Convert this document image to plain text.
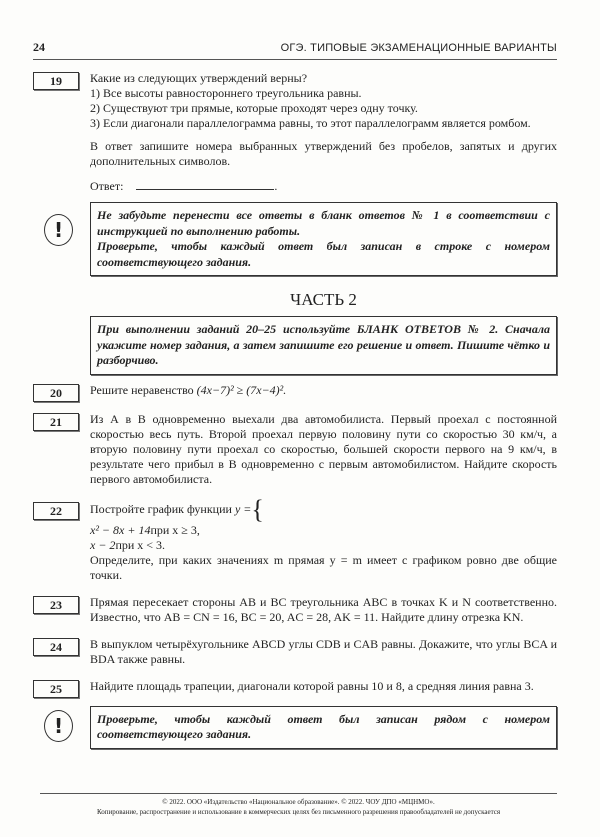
24	ОГЭ. ТИПОВЫЕ ЭКЗАМЕНАЦИОННЫЕ ВАРИАНТЫ
19	Какие из следующих утверждений верны?

1) Все высоты равностороннего треугольника равны.

2) Существуют три прямые, которые проходят через одну точку.

3) Если диагонали параллелограмма равны, то этот параллелограмм является ромбом.

В ответ запишите номера выбранных утверждений без пробелов, запятых и других дополнительных символов.

Ответ:	.

!
Не забудьте перенести все ответы в бланк ответов № 1 в соответствии с инструкцией по выполнению работы.
Проверьте, чтобы каждый ответ был записан в строке с номером соответствующего задания.
ЧАСТЬ 2
При выполнении заданий 20–25 используйте БЛАНК ОТВЕТОВ № 2. Сначала укажите номер задания, а затем запишите его решение и ответ. Пишите чётко и разборчиво.
20	Решите неравенство (4x−7)² ≥ (7x−4)².
21	Из А в В одновременно выехали два автомобилиста. Первый проехал с постоянной скоростью весь путь. Второй проехал первую половину пути со скоростью 30 км/ч, а вторую половину пути проехал со скоростью, большей скорости первого на 9 км/ч, в результате чего прибыл в В одновременно с первым автомобилистом. Найдите скорость первого автомобилиста.
22	Постройте график функции y ={

x² − 8x + 14при x ≥ 3,
x − 2при x < 3.

Определите, при каких значениях m прямая y = m имеет с графиком ровно две общие точки.

23	Прямая пересекает стороны AB и BC треугольника ABC в точках K и N соответственно. Известно, что AB = CN = 16, BC = 20, AC = 28, AK = 11. Найдите длину отрезка KN.
24	В выпуклом четырёхугольнике ABCD углы CDB и CAB равны. Докажите, что углы BCA и BDA также равны.
25	Найдите площадь трапеции, диагонали которой равны 10 и 8, а средняя линия равна 3.
!	Проверьте, чтобы каждый ответ был записан рядом с номером соответствующего задания.
© 2022. ООО «Издательство «Национальное образование». © 2022. ЧОУ ДПО «МЦНМО».
Копирование, распространение и использование в коммерческих целях без письменного разрешения правообладателей не допускается
